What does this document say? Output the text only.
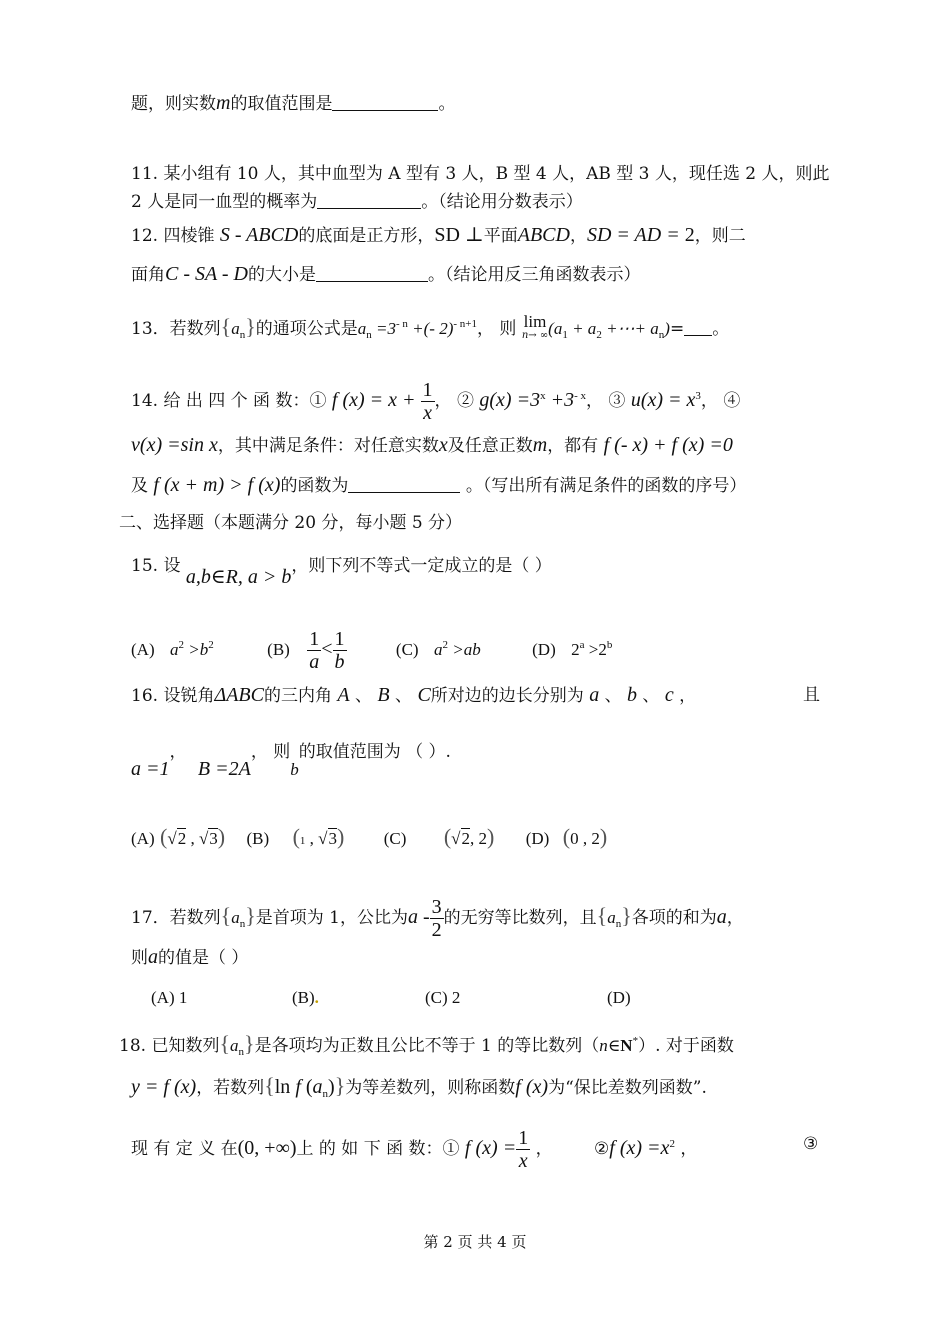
题，则实数m的取值范围是	。
11. 某小组有 10 人，其中血型为 A 型有 3 人，B 型 4 人，AB 型 3 人，现任选 2 人，则此
2 人是同一血型的概率为	。（结论用分数表示）
12. 四棱锥 S - ABCD的底面是正方形，SD ⊥平面ABCD，SD = AD = 2，则二
面角C - SA - D的大小是	。（结论用反三角函数表示）
13．若数列$\{a_n\}$的通项公式是$a_n =3^{- n}$ +(- 2)$^{- n+1}$， 则 lim
n→ ∞ ($a_1 + a_2$ +⋯+ $a_n)=$ 。
14. 给 出 四 个 函 数：① f $(x) = x + \frac{1}{x}$ ， ② $g(x) =3^x +3^{- x}$， ③ $u(x) = x^3$， ④
v(x) =sin x，其中满足条件：对任意实数x及任意正数m，都有 f (- x) + f (x) =0
及 f (x + m) > f (x)的函数为	。（写出所有满足条件的函数的序号）
二、选择题（本题满分 20 分，每小题 5 分）
15. 设 a,b∈R, a > b，则下列不等式一定成立的是（ ）
(A) $a^2 >b^2$	$(B) \frac{1}{a} < \frac{1}{b}$	(C) $a^2 >ab$	(D) $2^a >2^b$
16. 设锐角ΔABC的三内角 A 、 B 、 C所对边的边长分别为 a 、 b 、 c ，	且
a =1， B =2A， 则b的取值范围为 （ ）.
(A) (√2 , √3) (B) (1 , √3) (C) (√2, 2) (D) (0 , 2)
17．若数列$\{a_n\}$是首项为 1，公比为a - $\frac{3}{2}$ 的无穷等比数列，且$\{a_n\}$各项的和为a，
则a的值是（ ）
(A) 1	(B).	(C) 2	(D)
18. 已知数列$\{a_n\}$是各项均为正数且公比不等于 1 的等比数列（n∈N*）. 对于函数
y = f (x)，若数列{ln f $(a_n)$}为等差数列，则称函数f (x)为“保比差数列函数”.
现 有 定 义 在(0, +∞)上 的 如 下 函 数：① f $(x) = \frac{1}{x}$ ， ②f $(x) =x^2$ ，	③
第 2 页 共 4 页
